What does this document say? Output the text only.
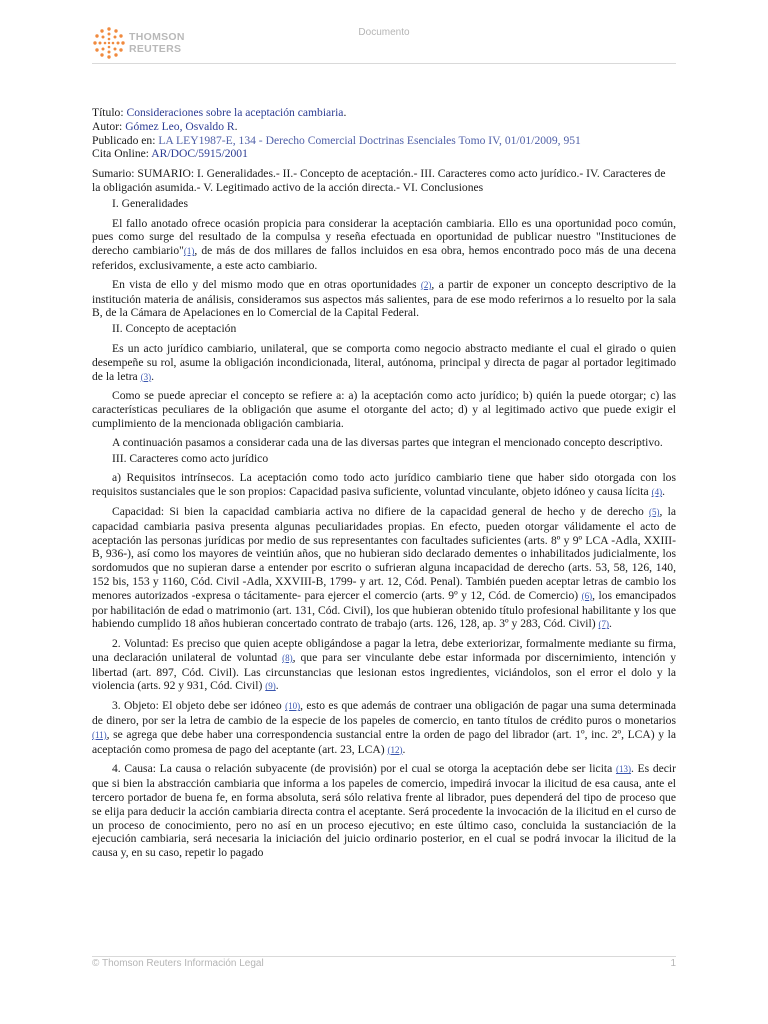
THOMSON
REUTERS
Documento
Título: Consideraciones sobre la aceptación cambiaria.
Autor: Gómez Leo, Osvaldo R.
Publicado en: LA LEY1987-E, 134 - Derecho Comercial Doctrinas Esenciales Tomo IV, 01/01/2009, 951
Cita Online: AR/DOC/5915/2001

Sumario: SUMARIO: I. Generalidades.- II.- Concepto de aceptación.- III. Caracteres como acto jurídico.- IV. Caracteres de la obligación asumida.- V. Legitimado activo de la acción directa.- VI. Conclusiones

I. Generalidades

El fallo anotado ofrece ocasión propicia para considerar la aceptación cambiaria. Ello es una oportunidad poco común, pues como surge del resultado de la compulsa y reseña efectuada en oportunidad de publicar nuestro "Instituciones de derecho cambiario"(1), de más de dos millares de fallos incluidos en esa obra, hemos encontrado poco más de una decena referidos, exclusivamente, a este acto cambiario.

En vista de ello y del mismo modo que en otras oportunidades (2), a partir de exponer un concepto descriptivo de la institución materia de análisis, consideramos sus aspectos más salientes, para de ese modo referirnos a lo resuelto por la sala B, de la Cámara de Apelaciones en lo Comercial de la Capital Federal.

II. Concepto de aceptación

Es un acto jurídico cambiario, unilateral, que se comporta como negocio abstracto mediante el cual el girado o quien desempeñe su rol, asume la obligación incondicionada, literal, autónoma, principal y directa de pagar al portador legitimado de la letra (3).

Como se puede apreciar el concepto se refiere a: a) la aceptación como acto jurídico; b) quién la puede otorgar; c) las características peculiares de la obligación que asume el otorgante del acto; d) y al legitimado activo que puede exigir el cumplimiento de la mencionada obligación cambiaria.

A continuación pasamos a considerar cada una de las diversas partes que integran el mencionado concepto descriptivo.

III. Caracteres como acto jurídico

a) Requisitos intrínsecos. La aceptación como todo acto jurídico cambiario tiene que haber sido otorgada con los requisitos sustanciales que le son propios: Capacidad pasiva suficiente, voluntad vinculante, objeto idóneo y causa lícita (4).

Capacidad: Si bien la capacidad cambiaria activa no difiere de la capacidad general de hecho y de derecho (5), la capacidad cambiaria pasiva presenta algunas peculiaridades propias. En efecto, pueden otorgar válidamente el acto de aceptación las personas jurídicas por medio de sus representantes con facultades suficientes (arts. 8º y 9º LCA -Adla, XXIII-B, 936-), así como los mayores de veintiún años, que no hubieran sido declarado dementes o inhabilitados judicialmente, los sordomudos que no supieran darse a entender por escrito o sufrieran alguna incapacidad de derecho (arts. 53, 58, 126, 140, 152 bis, 153 y 1160, Cód. Civil -Adla, XXVIII-B, 1799- y art. 12, Cód. Penal). También pueden aceptar letras de cambio los menores autorizados -expresa o tácitamente- para ejercer el comercio (arts. 9º y 12, Cód. de Comercio) (6), los emancipados por habilitación de edad o matrimonio (art. 131, Cód. Civil), los que hubieran obtenido título profesional habilitante y los que habiendo cumplido 18 años hubieran concertado contrato de trabajo (arts. 126, 128, ap. 3º y 283, Cód. Civil) (7).

2. Voluntad: Es preciso que quien acepte obligándose a pagar la letra, debe exteriorizar, formalmente mediante su firma, una declaración unilateral de voluntad (8), que para ser vinculante debe estar informada por discernimiento, intención y libertad (art. 897, Cód. Civil). Las circunstancias que lesionan estos ingredientes, viciándolos, son el error el dolo y la violencia (arts. 92 y 931, Cód. Civil) (9).

3. Objeto: El objeto debe ser idóneo (10), esto es que además de contraer una obligación de pagar una suma determinada de dinero, por ser la letra de cambio de la especie de los papeles de comercio, en tanto títulos de crédito puros o monetarios (11), se agrega que debe haber una correspondencia sustancial entre la orden de pago del librador (art. 1º, inc. 2º, LCA) y la aceptación como promesa de pago del aceptante (art. 23, LCA) (12).

4. Causa: La causa o relación subyacente (de provisión) por el cual se otorga la aceptación debe ser licita (13). Es decir que si bien la abstracción cambiaria que informa a los papeles de comercio, impedirá invocar la ilicitud de esa causa, ante el tercero portador de buena fe, en forma absoluta, será sólo relativa frente al librador, pues dependerá del tipo de proceso que se elija para deducir la acción cambiaria directa contra el aceptante. Será procedente la invocación de la ilicitud en el curso de un proceso de conocimiento, pero no así en un proceso ejecutivo; en este último caso, concluida la sustanciación de la ejecución cambiaria, será necesaria la iniciación del juicio ordinario posterior, en el cual se podrá invocar la ilicitud de la causa y, en su caso, repetir lo pagado

© Thomson Reuters Información Legal	1
